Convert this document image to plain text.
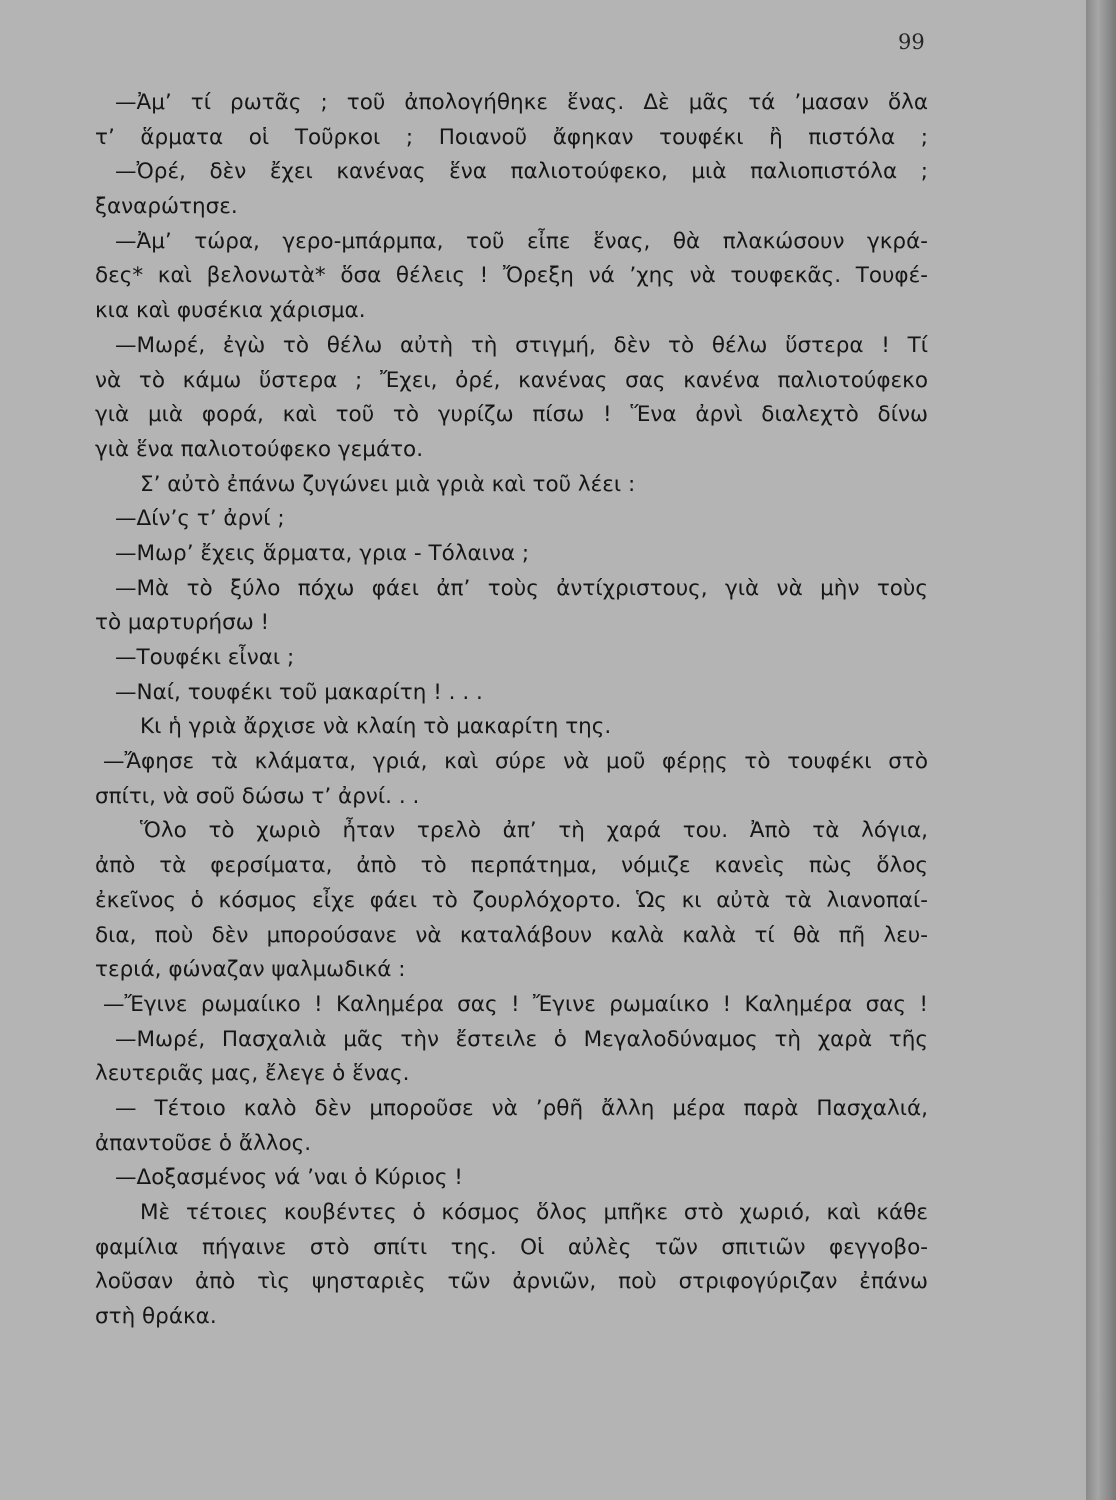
99
—Ἀμ’ τί ρωτᾶς ; τοῦ ἀπολογήθηκε ἕνας. Δὲ μᾶς τά ’μασαν ὅλα
τ’ ἅρματα οἱ Τοῦρκοι ; Ποιανοῦ ἄφηκαν τουφέκι ἢ πιστόλα ;
—Ὀρέ, δὲν ἔχει κανένας ἕνα παλιοτούφεκο, μιὰ παλιοπιστόλα ;
ξαναρώτησε.
—Ἀμ’ τώρα, γερο-μπάρμπα, τοῦ εἶπε ἕνας, θὰ πλακώσουν γκρά-
δες* καὶ βελονωτὰ* ὅσα θέλεις ! Ὄρεξη νά ’χης νὰ τουφεκᾶς. Τουφέ-
κια καὶ φυσέκια χάρισμα.
—Μωρέ, ἐγὼ τὸ θέλω αὐτὴ τὴ στιγμή, δὲν τὸ θέλω ὕστερα ! Τί
νὰ τὸ κάμω ὕστερα ; Ἔχει, ὀρέ, κανένας σας κανένα παλιοτούφεκο
γιὰ μιὰ φορά, καὶ τοῦ τὸ γυρίζω πίσω ! Ἕνα ἀρνὶ διαλεχτὸ δίνω
γιὰ ἕνα παλιοτούφεκο γεμάτο.
Σ’ αὐτὸ ἐπάνω ζυγώνει μιὰ γριὰ καὶ τοῦ λέει :
—Δίν’ς τ’ ἀρνί ;
—Μωρ’ ἔχεις ἅρματα, γρια - Τόλαινα ;
—Μὰ τὸ ξύλο πόχω φάει ἀπ’ τοὺς ἀντίχριστους, γιὰ νὰ μὴν τοὺς
τὸ μαρτυρήσω !
—Τουφέκι εἶναι ;
—Ναί, τουφέκι τοῦ μακαρίτη ! . . .
Κι ἡ γριὰ ἄρχισε νὰ κλαίη τὸ μακαρίτη της.
—Ἄφησε τὰ κλάματα, γριά, καὶ σύρε νὰ μοῦ φέρῃς τὸ τουφέκι στὸ
σπίτι, νὰ σοῦ δώσω τ’ ἀρνί. . .
Ὅλο τὸ χωριὸ ἦταν τρελὸ ἀπ’ τὴ χαρά του. Ἀπὸ τὰ λόγια,
ἀπὸ τὰ φερσίματα, ἀπὸ τὸ περπάτημα, νόμιζε κανεὶς πὼς ὅλος
ἐκεῖνος ὁ κόσμος εἶχε φάει τὸ ζουρλόχορτο. Ὡς κι αὐτὰ τὰ λιανοπαί-
δια, ποὺ δὲν μπορούσανε νὰ καταλάβουν καλὰ καλὰ τί θὰ πῆ λευ-
τεριά, φώναζαν ψαλμωδικά :
—Ἔγινε ρωμαίικο ! Καλημέρα σας ! Ἔγινε ρωμαίικο ! Καλημέρα σας !
—Μωρέ, Πασχαλιὰ μᾶς τὴν ἔστειλε ὁ Μεγαλοδύναμος τὴ χαρὰ τῆς
λευτεριᾶς μας, ἔλεγε ὁ ἕνας.
— Τέτοιο καλὸ δὲν μποροῦσε νὰ ’ρθῆ ἄλλη μέρα παρὰ Πασχαλιά,
ἀπαντοῦσε ὁ ἄλλος.
—Δοξασμένος νά ’ναι ὁ Κύριος !
Μὲ τέτοιες κουβέντες ὁ κόσμος ὅλος μπῆκε στὸ χωριό, καὶ κάθε
φαμίλια πήγαινε στὸ σπίτι της. Οἱ αὐλὲς τῶν σπιτιῶν φεγγοβο-
λοῦσαν ἀπὸ τὶς ψησταριὲς τῶν ἀρνιῶν, ποὺ στριφογύριζαν ἐπάνω
στὴ θράκα.
